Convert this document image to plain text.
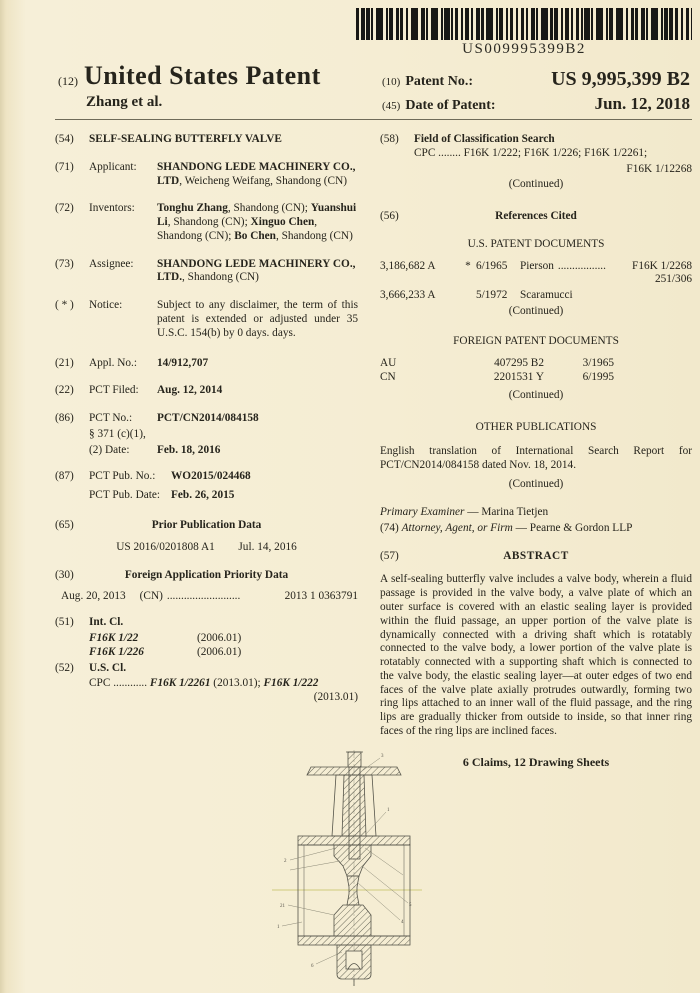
US009995399B2
(12) United States Patent
Zhang et al.
(10) Patent No.:	US 9,995,399 B2
(45) Date of Patent:	Jun. 12, 2018
(54)	SELF-SEALING BUTTERFLY VALVE
(71)	Applicant:	SHANDONG LEDE MACHINERY CO., LTD, Weicheng Weifang, Shandong (CN)
(72)	Inventors:	Tonghu Zhang, Shandong (CN); Yuanshui Li, Shandong (CN); Xinguo Chen, Shandong (CN); Bo Chen, Shandong (CN)
(73)	Assignee:	SHANDONG LEDE MACHINERY CO., LTD., Shandong (CN)
( * )	Notice:	Subject to any disclaimer, the term of this patent is extended or adjusted under 35 U.S.C. 154(b) by 0 days. days.
(21)	Appl. No.:	14/912,707
(22)	PCT Filed:	Aug. 12, 2014
(86)	PCT No.:	PCT/CN2014/084158
§ 371 (c)(1),
(2) Date:	Feb. 18, 2016
(87)	PCT Pub. No.:	WO2015/024468
PCT Pub. Date: Feb. 26, 2015
(65)	Prior Publication Data
US 2016/0201808 A1 Jul. 14, 2016
(30)	Foreign Application Priority Data
Aug. 20, 2013 (CN) ..........................	2013 1 0363791
(51)	Int. Cl.
F16K 1/22	(2006.01)
F16K 1/226	(2006.01)
(52)	U.S. Cl.
CPC ............ F16K 1/2261 (2013.01); F16K 1/222
(2013.01)
(58)	Field of Classification Search
CPC ........ F16K 1/222; F16K 1/226; F16K 1/2261;
F16K 1/12268
(Continued)
(56)	References Cited
U.S. PATENT DOCUMENTS
3,186,682 A	* 6/1965	Pierson ................. F16K 1/2268
251/306
3,666,233 A	5/1972	Scaramucci
(Continued)
FOREIGN PATENT DOCUMENTS
AU	407295 B2	3/1965
CN	2201531 Y	6/1995
(Continued)
OTHER PUBLICATIONS
English translation of International Search Report for PCT/CN2014/084158 dated Nov. 18, 2014.
(Continued)
Primary Examiner — Marina Tietjen
(74) Attorney, Agent, or Firm — Pearne & Gordon LLP
(57)	ABSTRACT
A self-sealing butterfly valve includes a valve body, wherein a fluid passage is provided in the valve body, a valve plate of which an outer surface is covered with an elastic sealing layer is provided within the fluid passage, an upper portion of the valve plate is dynamically connected with a driving shaft which is rotatably connected to the valve body, a lower portion of the valve plate is rotatably connected with a supporting shaft which is connected to the valve body, the elastic sealing layer—at outer edges of two end faces of the valve plate axially protrudes outwardly, forming two ring lips attached to an inner wall of the fluid passage, and the ring lips are gradually thicker from outside to inside, so that inner ring faces of the ring lips are inclined faces.
6 Claims, 12 Drawing Sheets
3
1
2
5
4
21
1
6
